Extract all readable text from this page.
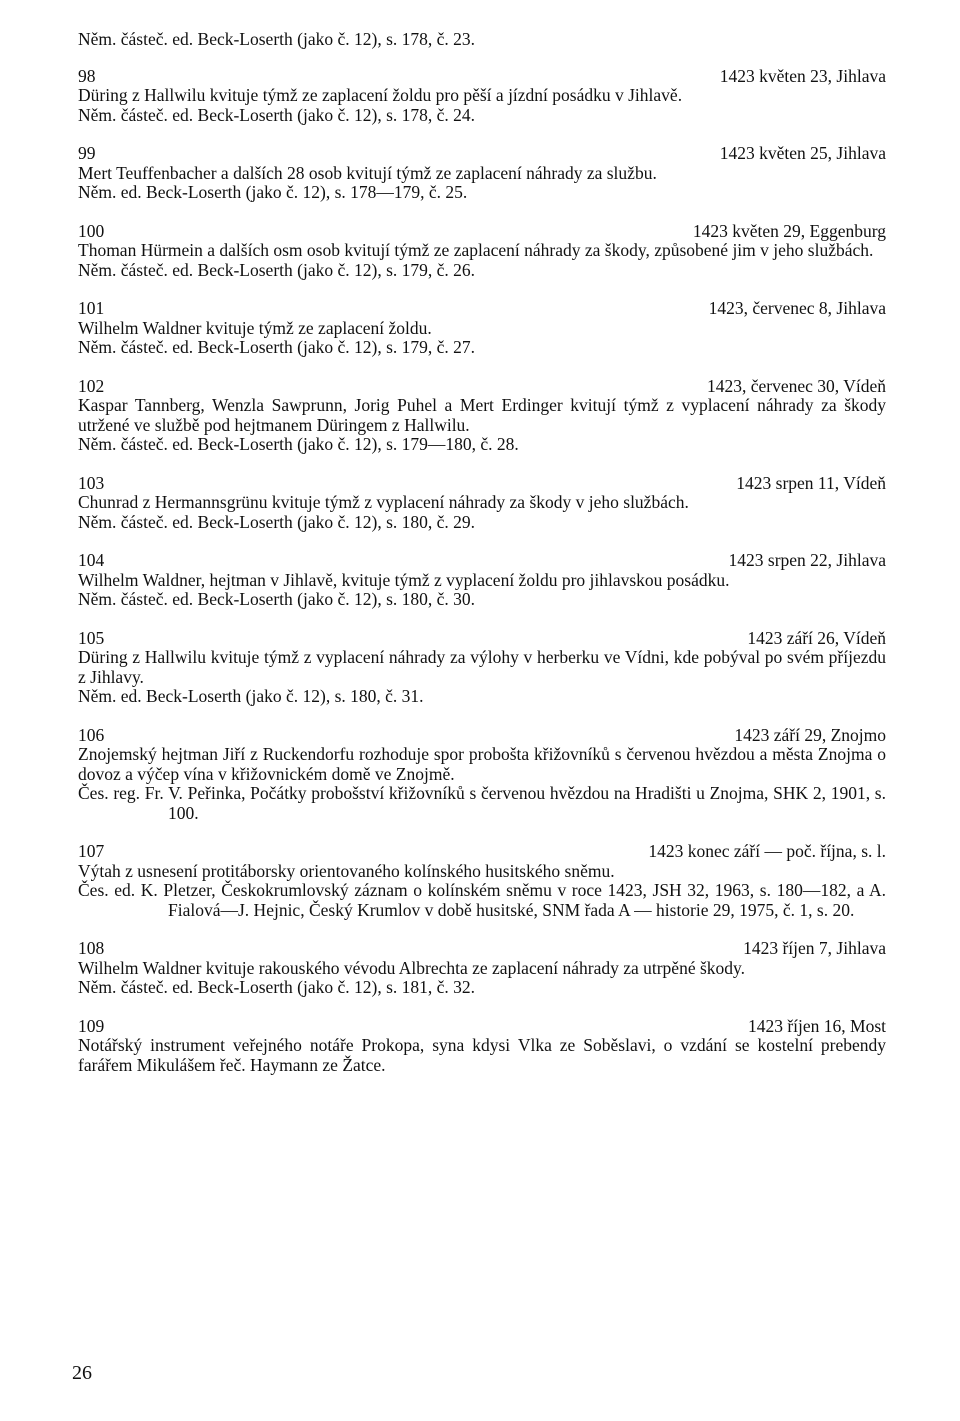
Něm. částeč. ed. Beck-Loserth (jako č. 12), s. 178, č. 23.
98	1423 květen 23, Jihlava
Düring z Hallwilu kvituje týmž ze zaplacení žoldu pro pěší a jízdní posádku v Jihlavě.
Něm. částeč. ed. Beck-Loserth (jako č. 12), s. 178, č. 24.
99	1423 květen 25, Jihlava
Mert Teuffenbacher a dalších 28 osob kvitují týmž ze zaplacení náhrady za službu.
Něm. ed. Beck-Loserth (jako č. 12), s. 178—179, č. 25.
100	1423 květen 29, Eggenburg
Thoman Hürmein a dalších osm osob kvitují týmž ze zaplacení náhrady za škody, způsobené jim v jeho službách.
Něm. částeč. ed. Beck-Loserth (jako č. 12), s. 179, č. 26.
101	1423, červenec 8, Jihlava
Wilhelm Waldner kvituje týmž ze zaplacení žoldu.
Něm. částeč. ed. Beck-Loserth (jako č. 12), s. 179, č. 27.
102	1423, červenec 30, Vídeň
Kaspar Tannberg, Wenzla Sawprunn, Jorig Puhel a Mert Erdinger kvitují týmž z vyplacení náhrady za škody utržené ve službě pod hejtmanem Düringem z Hallwilu.
Něm. částeč. ed. Beck-Loserth (jako č. 12), s. 179—180, č. 28.
103	1423 srpen 11, Vídeň
Chunrad z Hermannsgrünu kvituje týmž z vyplacení náhrady za škody v jeho službách.
Něm. částeč. ed. Beck-Loserth (jako č. 12), s. 180, č. 29.
104	1423 srpen 22, Jihlava
Wilhelm Waldner, hejtman v Jihlavě, kvituje týmž z vyplacení žoldu pro jihlavskou posádku.
Něm. částeč. ed. Beck-Loserth (jako č. 12), s. 180, č. 30.
105	1423 září 26, Vídeň
Düring z Hallwilu kvituje týmž z vyplacení náhrady za výlohy v herberku ve Vídni, kde pobýval po svém příjezdu z Jihlavy.
Něm. ed. Beck-Loserth (jako č. 12), s. 180, č. 31.
106	1423 září 29, Znojmo
Znojemský hejtman Jiří z Ruckendorfu rozhoduje spor probošta křižovníků s červenou hvězdou a města Znojma o dovoz a výčep vína v křižovnickém domě ve Znojmě.
Čes. reg. Fr. V. Peřinka, Počátky probošství křižovníků s červenou hvězdou na Hradišti u Znojma, SHK 2, 1901, s. 100.
107	1423 konec září — poč. října, s. l.
Výtah z usnesení protitáborsky orientovaného kolínského husitského sněmu.
Čes. ed. K. Pletzer, Českokrumlovský záznam o kolínském sněmu v roce 1423, JSH 32, 1963, s. 180—182, a A. Fialová—J. Hejnic, Český Krumlov v době husitské, SNM řada A — historie 29, 1975, č. 1, s. 20.
108	1423 říjen 7, Jihlava
Wilhelm Waldner kvituje rakouského vévodu Albrechta ze zaplacení náhrady za utrpěné škody.
Něm. částeč. ed. Beck-Loserth (jako č. 12), s. 181, č. 32.
109	1423 říjen 16, Most
Notářský instrument veřejného notáře Prokopa, syna kdysi Vlka ze Soběslavi, o vzdání se kostelní prebendy farářem Mikulášem řeč. Haymann ze Žatce.
26
